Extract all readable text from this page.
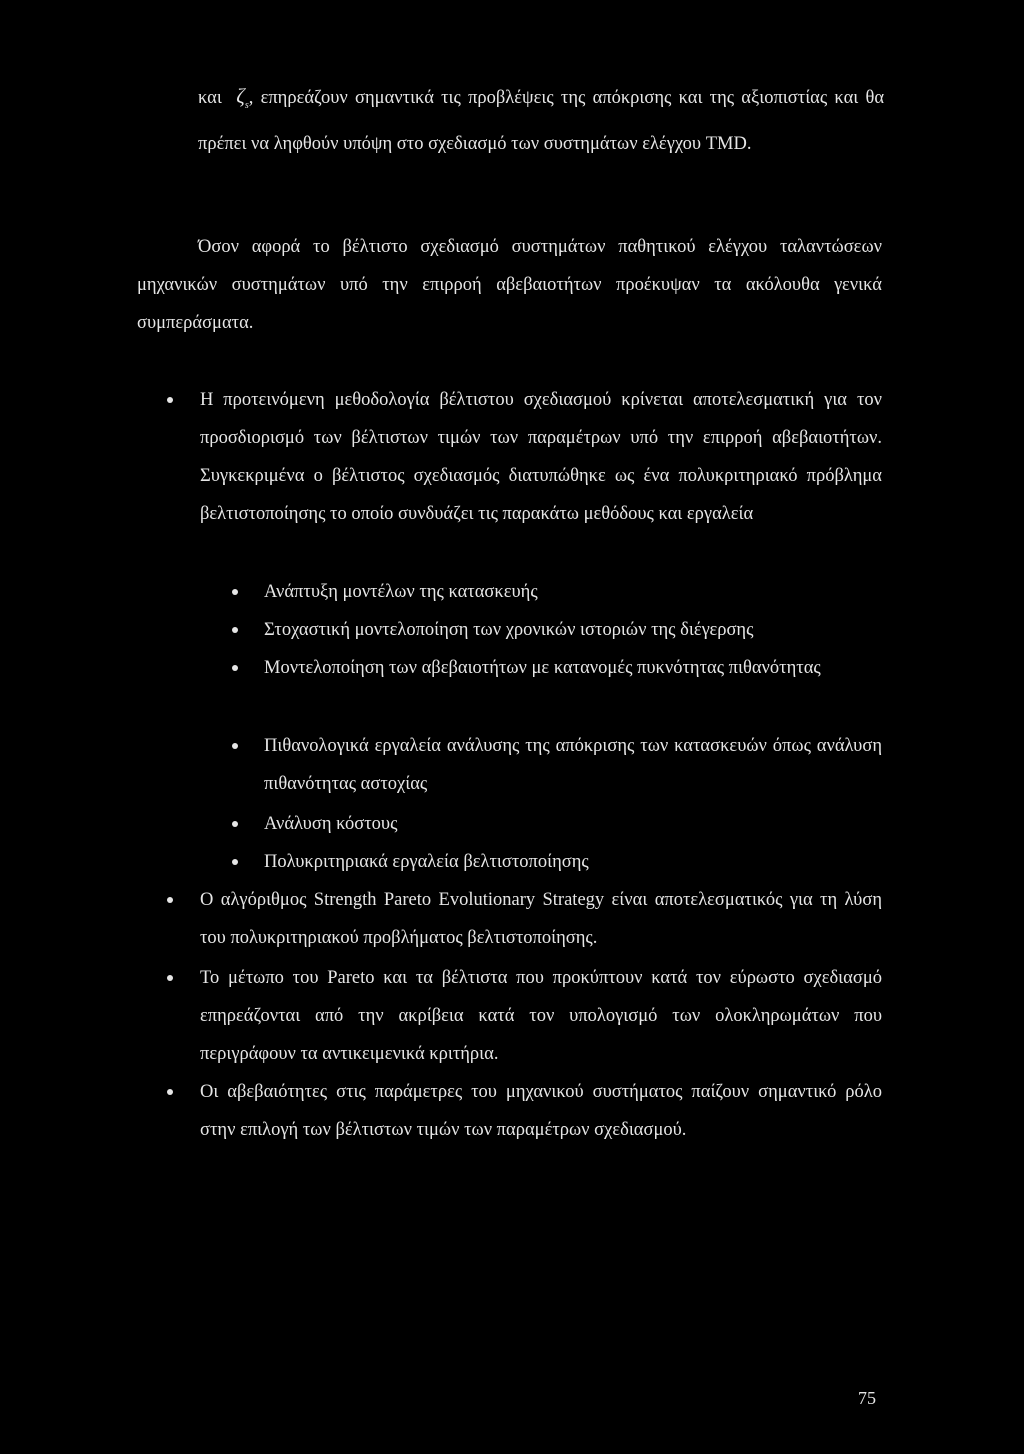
και $\zeta_s$, επηρεάζουν σημαντικά τις προβλέψεις της απόκρισης και της αξιοπιστίας και θα πρέπει να ληφθούν υπόψη στο σχεδιασμό των συστημάτων ελέγχου TMD.

Όσον αφορά το βέλτιστο σχεδιασμό συστημάτων παθητικού ελέγχου ταλαντώσεων μηχανικών συστημάτων υπό την επιρροή αβεβαιοτήτων προέκυψαν τα ακόλουθα γενικά συμπεράσματα.

Η προτεινόμενη μεθοδολογία βέλτιστου σχεδιασμού κρίνεται αποτελεσματική για τον προσδιορισμό των βέλτιστων τιμών των παραμέτρων υπό την επιρροή αβεβαιοτήτων. Συγκεκριμένα ο βέλτιστος σχεδιασμός διατυπώθηκε ως ένα πολυκριτηριακό πρόβλημα βελτιστοποίησης το οποίο συνδυάζει τις παρακάτω μεθόδους και εργαλεία

Ανάπτυξη μοντέλων της κατασκευής

Στοχαστική μοντελοποίηση των χρονικών ιστοριών της διέγερσης

Μοντελοποίηση των αβεβαιοτήτων με κατανομές πυκνότητας πιθανότητας

Πιθανολογικά εργαλεία ανάλυσης της απόκρισης των κατασκευών όπως ανάλυση πιθανότητας αστοχίας

Ανάλυση κόστους

Πολυκριτηριακά εργαλεία βελτιστοποίησης

Ο αλγόριθμος Strength Pareto Evolutionary Strategy είναι αποτελεσματικός για τη λύση του πολυκριτηριακού προβλήματος βελτιστοποίησης.

Το μέτωπο του Pareto και τα βέλτιστα που προκύπτουν κατά τον εύρωστο σχεδιασμό επηρεάζονται από την ακρίβεια κατά τον υπολογισμό των ολοκληρωμάτων που περιγράφουν τα αντικειμενικά κριτήρια.

Οι αβεβαιότητες στις παράμετρες του μηχανικού συστήματος παίζουν σημαντικό ρόλο στην επιλογή των βέλτιστων τιμών των παραμέτρων σχεδιασμού.

75
